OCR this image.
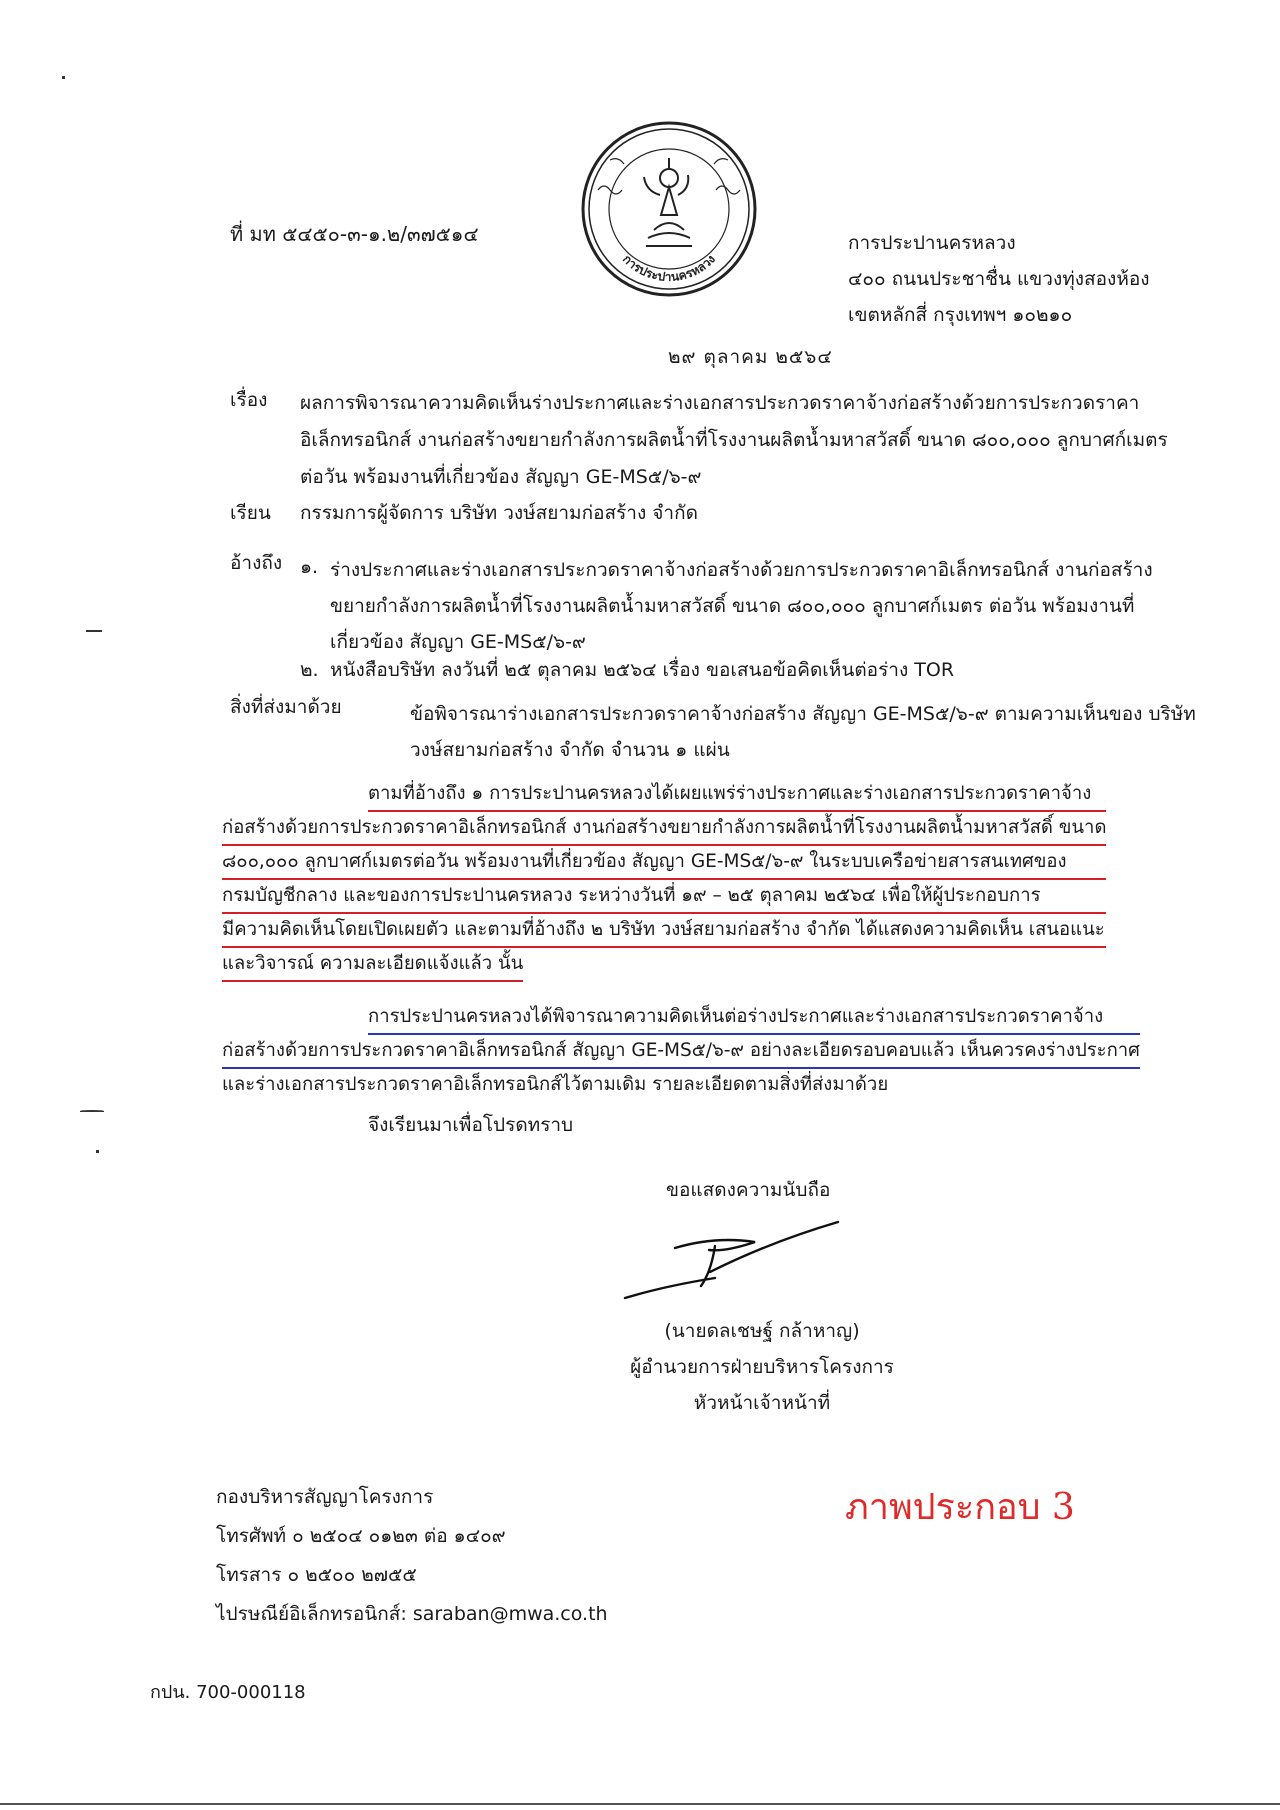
การประปานครหลวง
ที่ มท ๕๔๕๐-๓-๑.๒/๓๗๕๑๔	การประปานครหลวง
๔๐๐ ถนนประชาชื่น แขวงทุ่งสองห้อง
เขตหลักสี่ กรุงเทพฯ ๑๐๒๑๐
๒๙ ตุลาคม ๒๕๖๔
เรื่อง ผลการพิจารณาความคิดเห็นร่างประกาศและร่างเอกสารประกวดราคาจ้างก่อสร้างด้วยการประกวดราคา
อิเล็กทรอนิกส์ งานก่อสร้างขยายกำลังการผลิตน้ำที่โรงงานผลิตน้ำมหาสวัสดิ์ ขนาด ๘๐๐,๐๐๐ ลูกบาศก์เมตร
ต่อวัน พร้อมงานที่เกี่ยวข้อง สัญญา GE-MS๕/๖-๙
เรียน กรรมการผู้จัดการ บริษัท วงษ์สยามก่อสร้าง จำกัด
อ้างถึง ๑. ร่างประกาศและร่างเอกสารประกวดราคาจ้างก่อสร้างด้วยการประกวดราคาอิเล็กทรอนิกส์ งานก่อสร้าง
ขยายกำลังการผลิตน้ำที่โรงงานผลิตน้ำมหาสวัสดิ์ ขนาด ๘๐๐,๐๐๐ ลูกบาศก์เมตร ต่อวัน พร้อมงานที่
เกี่ยวข้อง สัญญา GE-MS๕/๖-๙
๒. หนังสือบริษัท ลงวันที่ ๒๕ ตุลาคม ๒๕๖๔ เรื่อง ขอเสนอข้อคิดเห็นต่อร่าง TOR
สิ่งที่ส่งมาด้วย	ข้อพิจารณาร่างเอกสารประกวดราคาจ้างก่อสร้าง สัญญา GE-MS๕/๖-๙ ตามความเห็นของ บริษัท
วงษ์สยามก่อสร้าง จำกัด จำนวน ๑ แผ่น
ตามที่อ้างถึง ๑ การประปานครหลวงได้เผยแพร่ร่างประกาศและร่างเอกสารประกวดราคาจ้าง
ก่อสร้างด้วยการประกวดราคาอิเล็กทรอนิกส์ งานก่อสร้างขยายกำลังการผลิตน้ำที่โรงงานผลิตน้ำมหาสวัสดิ์ ขนาด
๘๐๐,๐๐๐ ลูกบาศก์เมตรต่อวัน พร้อมงานที่เกี่ยวข้อง สัญญา GE-MS๕/๖-๙ ในระบบเครือข่ายสารสนเทศของ
กรมบัญชีกลาง และของการประปานครหลวง ระหว่างวันที่ ๑๙ – ๒๕ ตุลาคม ๒๕๖๔ เพื่อให้ผู้ประกอบการ
มีความคิดเห็นโดยเปิดเผยตัว และตามที่อ้างถึง ๒ บริษัท วงษ์สยามก่อสร้าง จำกัด ได้แสดงความคิดเห็น เสนอแนะ
และวิจารณ์ ความละเอียดแจ้งแล้ว นั้น
การประปานครหลวงได้พิจารณาความคิดเห็นต่อร่างประกาศและร่างเอกสารประกวดราคาจ้าง
ก่อสร้างด้วยการประกวดราคาอิเล็กทรอนิกส์ สัญญา GE-MS๕/๖-๙ อย่างละเอียดรอบคอบแล้ว เห็นควรคงร่างประกาศ
และร่างเอกสารประกวดราคาอิเล็กทรอนิกส์ไว้ตามเดิม รายละเอียดตามสิ่งที่ส่งมาด้วย
จึงเรียนมาเพื่อโปรดทราบ
ขอแสดงความนับถือ
(นายดลเชษฐ์ กล้าหาญ)
ผู้อำนวยการฝ่ายบริหารโครงการ
หัวหน้าเจ้าหน้าที่
กองบริหารสัญญาโครงการ
โทรศัพท์ ๐ ๒๕๐๔ ๐๑๒๓ ต่อ ๑๔๐๙
โทรสาร ๐ ๒๕๐๐ ๒๗๕๕
ไปรษณีย์อิเล็กทรอนิกส์: saraban@mwa.co.th
ภาพประกอบ 3
กปน. 700-000118
